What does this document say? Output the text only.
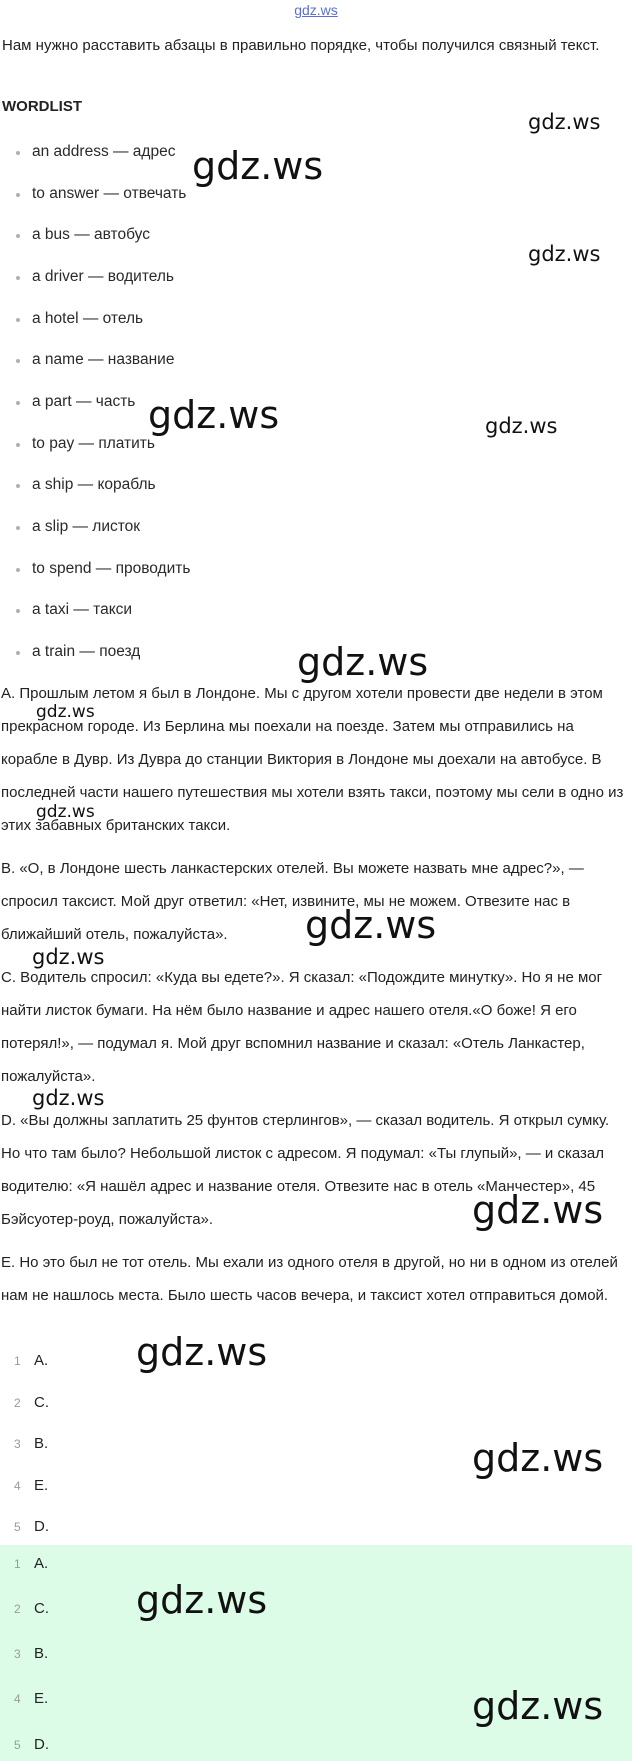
gdz.ws
Нам нужно расставить абзацы в правильно порядке, чтобы получился связный текст.
WORDLIST
an address — адрес
to answer — отвечать
a bus — автобус
a driver — водитель
a hotel — отель
a name — название
a part — часть
to pay — платить
a ship — корабль
a slip — листок
to spend — проводить
a taxi — такси
a train — поезд
A. Прошлым летом я был в Лондоне. Мы с другом хотели провести две недели в этом прекрасном городе. Из Берлина мы поехали на поезде. Затем мы отправились на корабле в Дувр. Из Дувра до станции Виктория в Лондоне мы доехали на автобусе. В последней части нашего путешествия мы хотели взять такси, поэтому мы сели в одно из этих забавных британских такси.
B. «О, в Лондоне шесть ланкастерских отелей. Вы можете назвать мне адрес?», — спросил таксист. Мой друг ответил: «Нет, извините, мы не можем. Отвезите нас в ближайший отель, пожалуйста».
C. Водитель спросил: «Куда вы едете?». Я сказал: «Подождите минутку». Но я не мог найти листок бумаги. На нём было название и адрес нашего отеля.«О боже! Я его потерял!», — подумал я. Мой друг вспомнил название и сказал: «Отель Ланкастер, пожалуйста».
D. «Вы должны заплатить 25 фунтов стерлингов», — сказал водитель. Я открыл сумку. Но что там было? Небольшой листок с адресом. Я подумал: «Ты глупый», — и сказал водителю: «Я нашёл адрес и название отеля. Отвезите нас в отель «Манчестер», 45 Бэйсуотер-роуд, пожалуйста».
E. Но это был не тот отель. Мы ехали из одного отеля в другой, но ни в одном из отелей нам не нашлось места. Было шесть часов вечера, и таксист хотел отправиться домой.
1 A.
2 C.
3 B.
4 E.
5 D.
1 A.
2 C.
3 B.
4 E.
5 D.
gdz.ws
gdz.ws
gdz.ws
gdz.ws	gdz.ws
gdz.ws
gdz.ws
gdz.ws
gdz.ws
gdz.ws
gdz.ws
gdz.ws
gdz.ws
gdz.ws
gdz.ws
gdz.ws
